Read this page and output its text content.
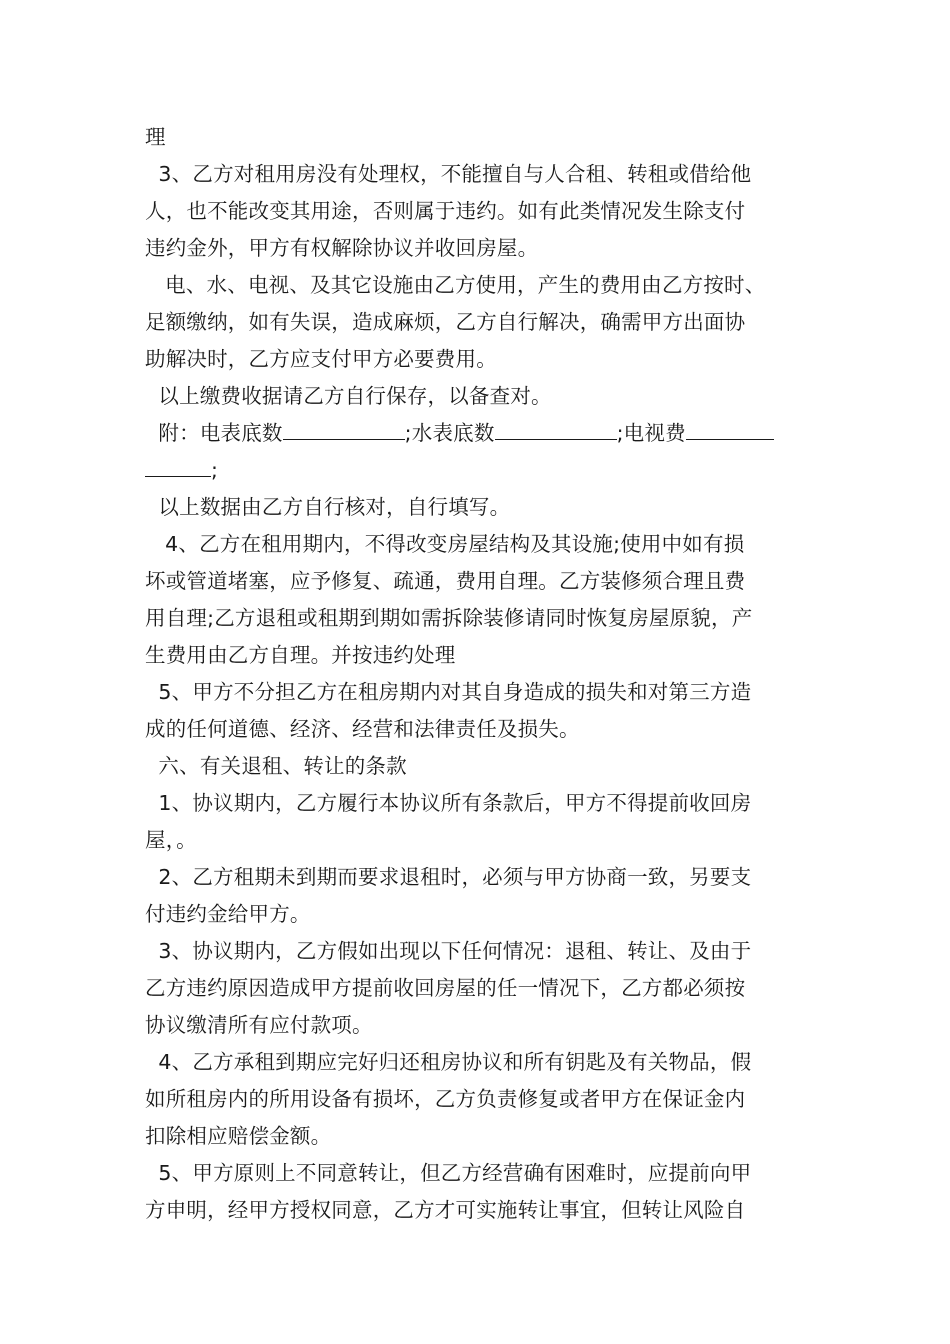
理

3、乙方对租用房没有处理权，不能擅自与人合租、转租或借给他

人，也不能改变其用途，否则属于违约。如有此类情况发生除支付

违约金外，甲方有权解除协议并收回房屋。

电、水、电视、及其它设施由乙方使用，产生的费用由乙方按时、

足额缴纳，如有失误，造成麻烦，乙方自行解决，确需甲方出面协

助解决时，乙方应支付甲方必要费用。

以上缴费收据请乙方自行保存，以备查对。

附：电表底数	;水表底数	;电视费

;

以上数据由乙方自行核对，自行填写。

4、乙方在租用期内，不得改变房屋结构及其设施;使用中如有损

坏或管道堵塞，应予修复、疏通，费用自理。乙方装修须合理且费

用自理;乙方退租或租期到期如需拆除装修请同时恢复房屋原貌，产

生费用由乙方自理。并按违约处理

5、甲方不分担乙方在租房期内对其自身造成的损失和对第三方造

成的任何道德、经济、经营和法律责任及损失。

六、有关退租、转让的条款

1、协议期内，乙方履行本协议所有条款后，甲方不得提前收回房

屋，。

2、乙方租期未到期而要求退租时，必须与甲方协商一致，另要支

付违约金给甲方。

3、协议期内，乙方假如出现以下任何情况：退租、转让、及由于

乙方违约原因造成甲方提前收回房屋的任一情况下，乙方都必须按

协议缴清所有应付款项。

4、乙方承租到期应完好归还租房协议和所有钥匙及有关物品，假

如所租房内的所用设备有损坏，乙方负责修复或者甲方在保证金内

扣除相应赔偿金额。

5、甲方原则上不同意转让，但乙方经营确有困难时，应提前向甲

方申明，经甲方授权同意，乙方才可实施转让事宜，但转让风险自
